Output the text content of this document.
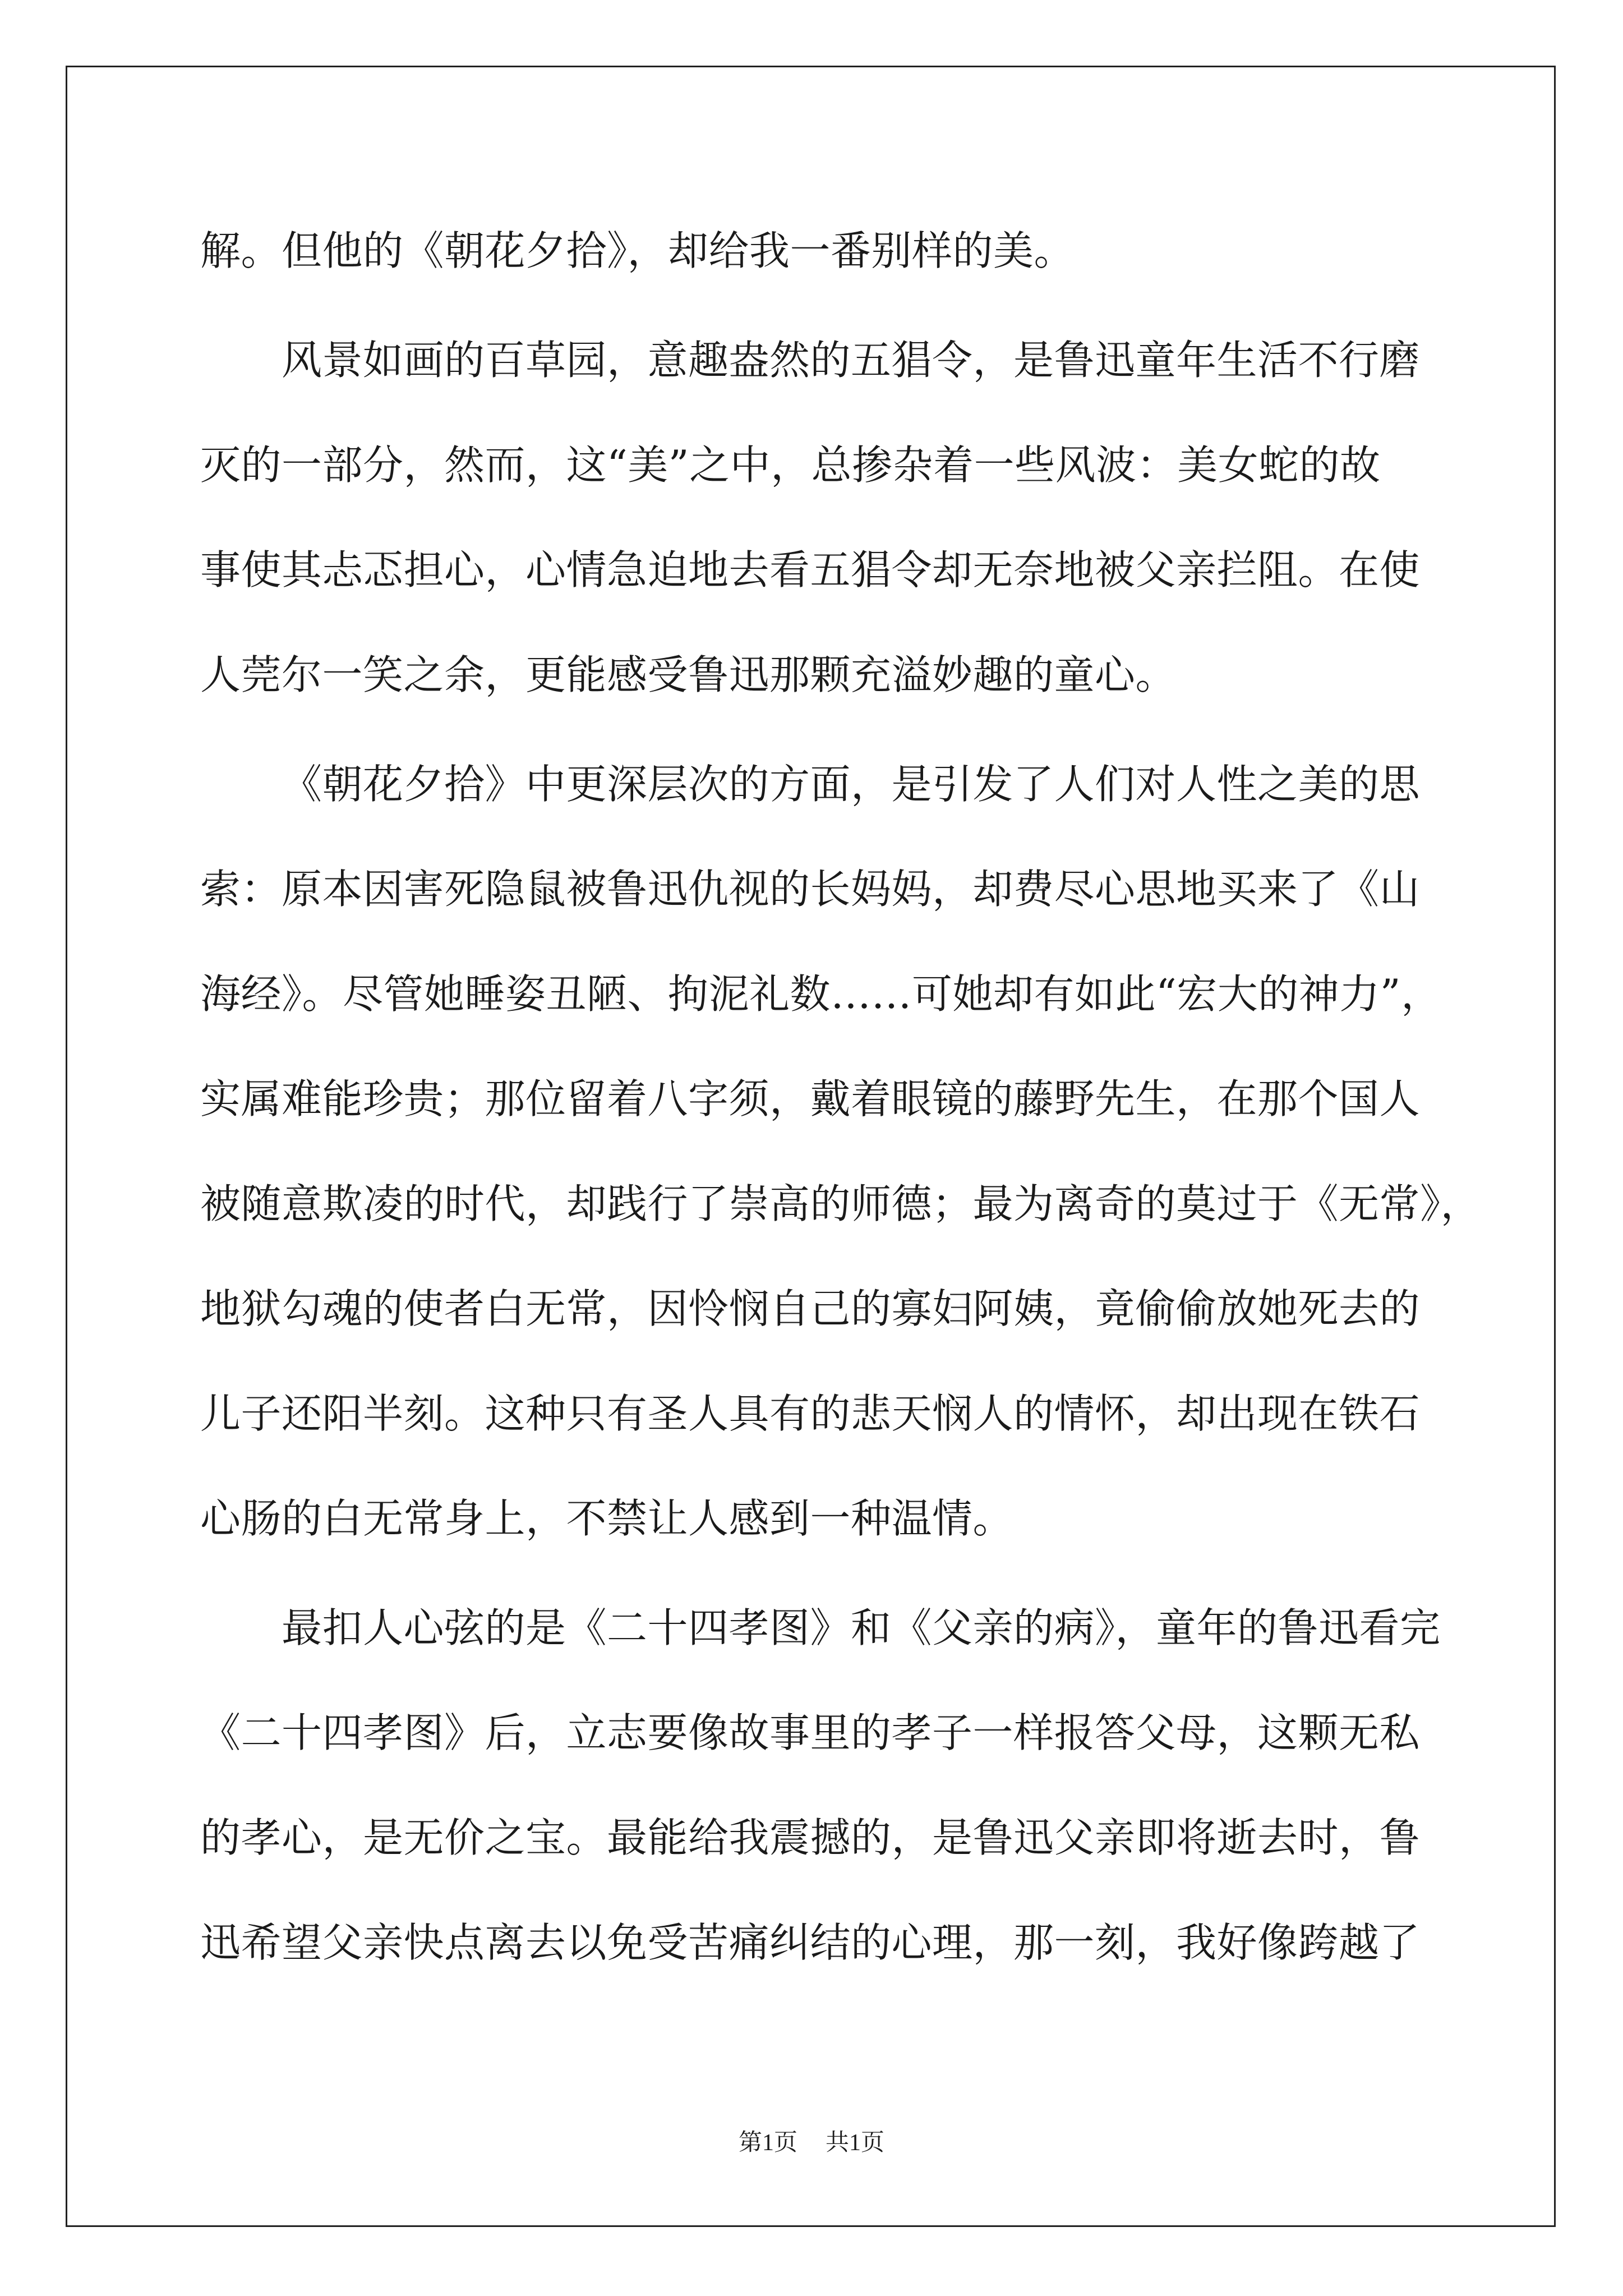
解。但他的《朝花夕拾》，却给我一番别样的美。
风景如画的百草园，意趣盎然的五猖令，是鲁迅童年生活不行磨
灭的一部分，然而，这“美”之中，总掺杂着一些风波：美女蛇的故
事使其忐忑担心，心情急迫地去看五猖令却无奈地被父亲拦阻。在使
人莞尔一笑之余，更能感受鲁迅那颗充溢妙趣的童心。
《朝花夕拾》中更深层次的方面，是引发了人们对人性之美的思
索：原本因害死隐鼠被鲁迅仇视的长妈妈，却费尽心思地买来了《山
海经》。尽管她睡姿丑陋、拘泥礼数……可她却有如此“宏大的神力”，
实属难能珍贵；那位留着八字须，戴着眼镜的藤野先生，在那个国人
被随意欺凌的时代，却践行了崇高的师德；最为离奇的莫过于《无常》，
地狱勾魂的使者白无常，因怜悯自己的寡妇阿姨，竟偷偷放她死去的
儿子还阳半刻。这种只有圣人具有的悲天悯人的情怀，却出现在铁石
心肠的白无常身上，不禁让人感到一种温情。
最扣人心弦的是《二十四孝图》和《父亲的病》，童年的鲁迅看完
《二十四孝图》后，立志要像故事里的孝子一样报答父母，这颗无私
的孝心，是无价之宝。最能给我震撼的，是鲁迅父亲即将逝去时，鲁
迅希望父亲快点离去以免受苦痛纠结的心理，那一刻，我好像跨越了
第1页 共1页
